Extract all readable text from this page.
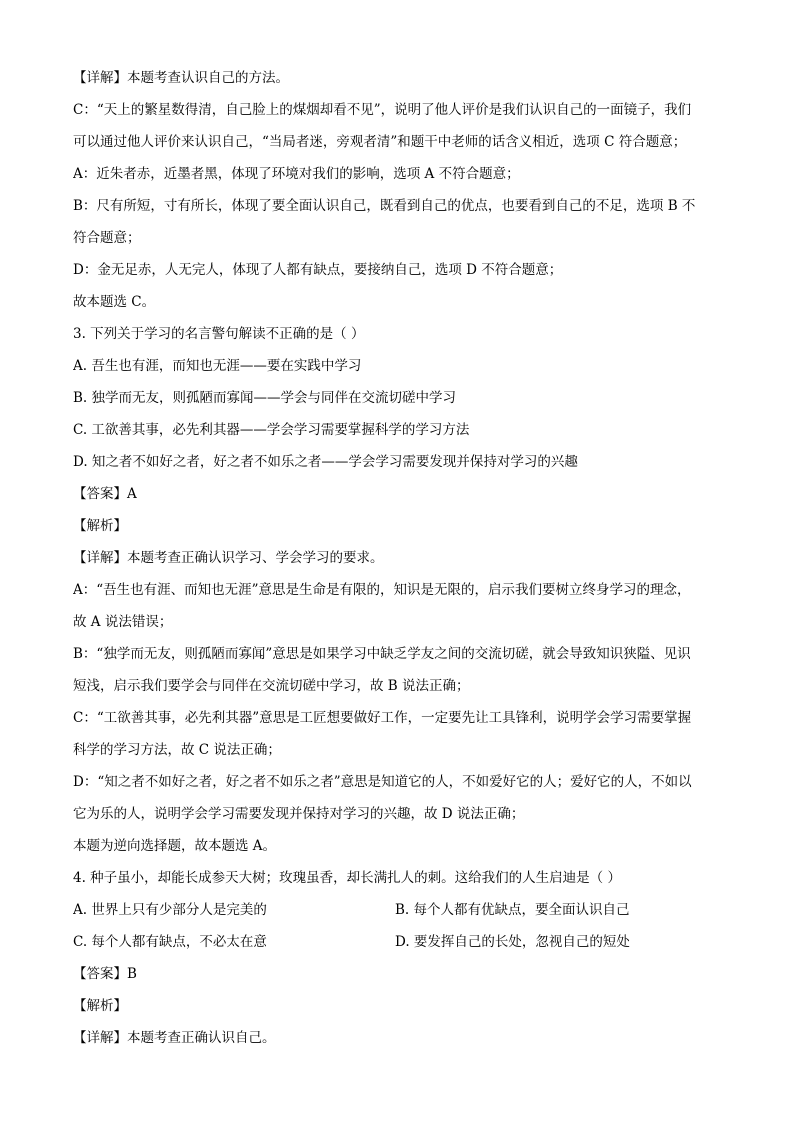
【详解】本题考查认识自己的方法。
C：“天上的繁星数得清，自己脸上的煤烟却看不见”，说明了他人评价是我们认识自己的一面镜子，我们
可以通过他人评价来认识自己，“当局者迷，旁观者清”和题干中老师的话含义相近，选项 C 符合题意；
A：近朱者赤，近墨者黑，体现了环境对我们的影响，选项 A 不符合题意；
B：尺有所短，寸有所长，体现了要全面认识自己，既看到自己的优点，也要看到自己的不足，选项 B 不
符合题意；
D：金无足赤，人无完人，体现了人都有缺点，要接纳自己，选项 D 不符合题意；
故本题选 C。
3. 下列关于学习的名言警句解读不正确的是（ ）
A. 吾生也有涯，而知也无涯——要在实践中学习
B. 独学而无友，则孤陋而寡闻——学会与同伴在交流切磋中学习
C. 工欲善其事，必先利其器——学会学习需要掌握科学的学习方法
D. 知之者不如好之者，好之者不如乐之者——学会学习需要发现并保持对学习的兴趣
【答案】A
【解析】
【详解】本题考查正确认识学习、学会学习的要求。
A：“吾生也有涯、而知也无涯”意思是生命是有限的，知识是无限的，启示我们要树立终身学习的理念，
故 A 说法错误；
B：“独学而无友，则孤陋而寡闻”意思是如果学习中缺乏学友之间的交流切磋，就会导致知识狭隘、见识
短浅，启示我们要学会与同伴在交流切磋中学习，故 B 说法正确；
C：“工欲善其事，必先利其器”意思是工匠想要做好工作，一定要先让工具锋利，说明学会学习需要掌握
科学的学习方法，故 C 说法正确；
D：“知之者不如好之者，好之者不如乐之者”意思是知道它的人，不如爱好它的人；爱好它的人，不如以
它为乐的人，说明学会学习需要发现并保持对学习的兴趣，故 D 说法正确；
本题为逆向选择题，故本题选 A。
4. 种子虽小，却能长成参天大树；玫瑰虽香，却长满扎人的刺。这给我们的人生启迪是（ ）
A. 世界上只有少部分人是完美的	B. 每个人都有优缺点，要全面认识自己
C. 每个人都有缺点，不必太在意	D. 要发挥自己的长处，忽视自己的短处
【答案】B
【解析】
【详解】本题考查正确认识自己。
